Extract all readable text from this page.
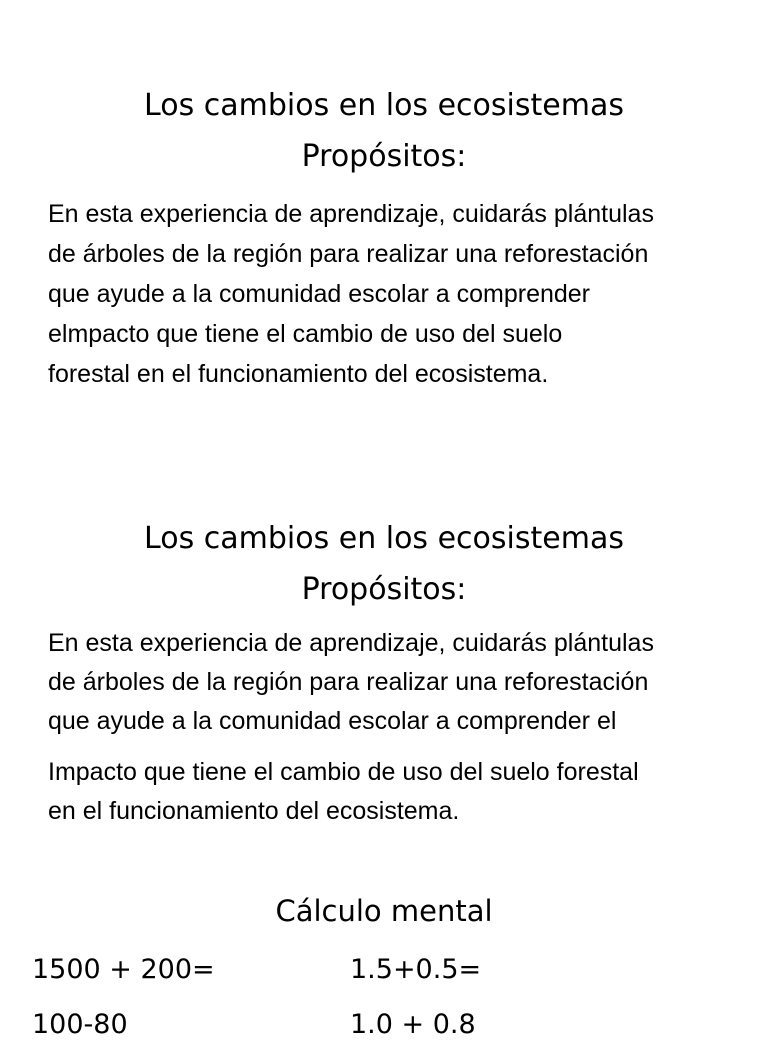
Los cambios en los ecosistemas
Propósitos:
En esta experiencia de aprendizaje, cuidarás plántulas
de árboles de la región para realizar una reforestación
que ayude a la comunidad escolar a comprender
elmpacto que tiene el cambio de uso del suelo
forestal en el funcionamiento del ecosistema.
Los cambios en los ecosistemas
Propósitos:
En esta experiencia de aprendizaje, cuidarás plántulas
de árboles de la región para realizar una reforestación
que ayude a la comunidad escolar a comprender el
Impacto que tiene el cambio de uso del suelo forestal
en el funcionamiento del ecosistema.
Cálculo mental
1500 + 200=	1.5+0.5=
100-80	1.0 + 0.8
